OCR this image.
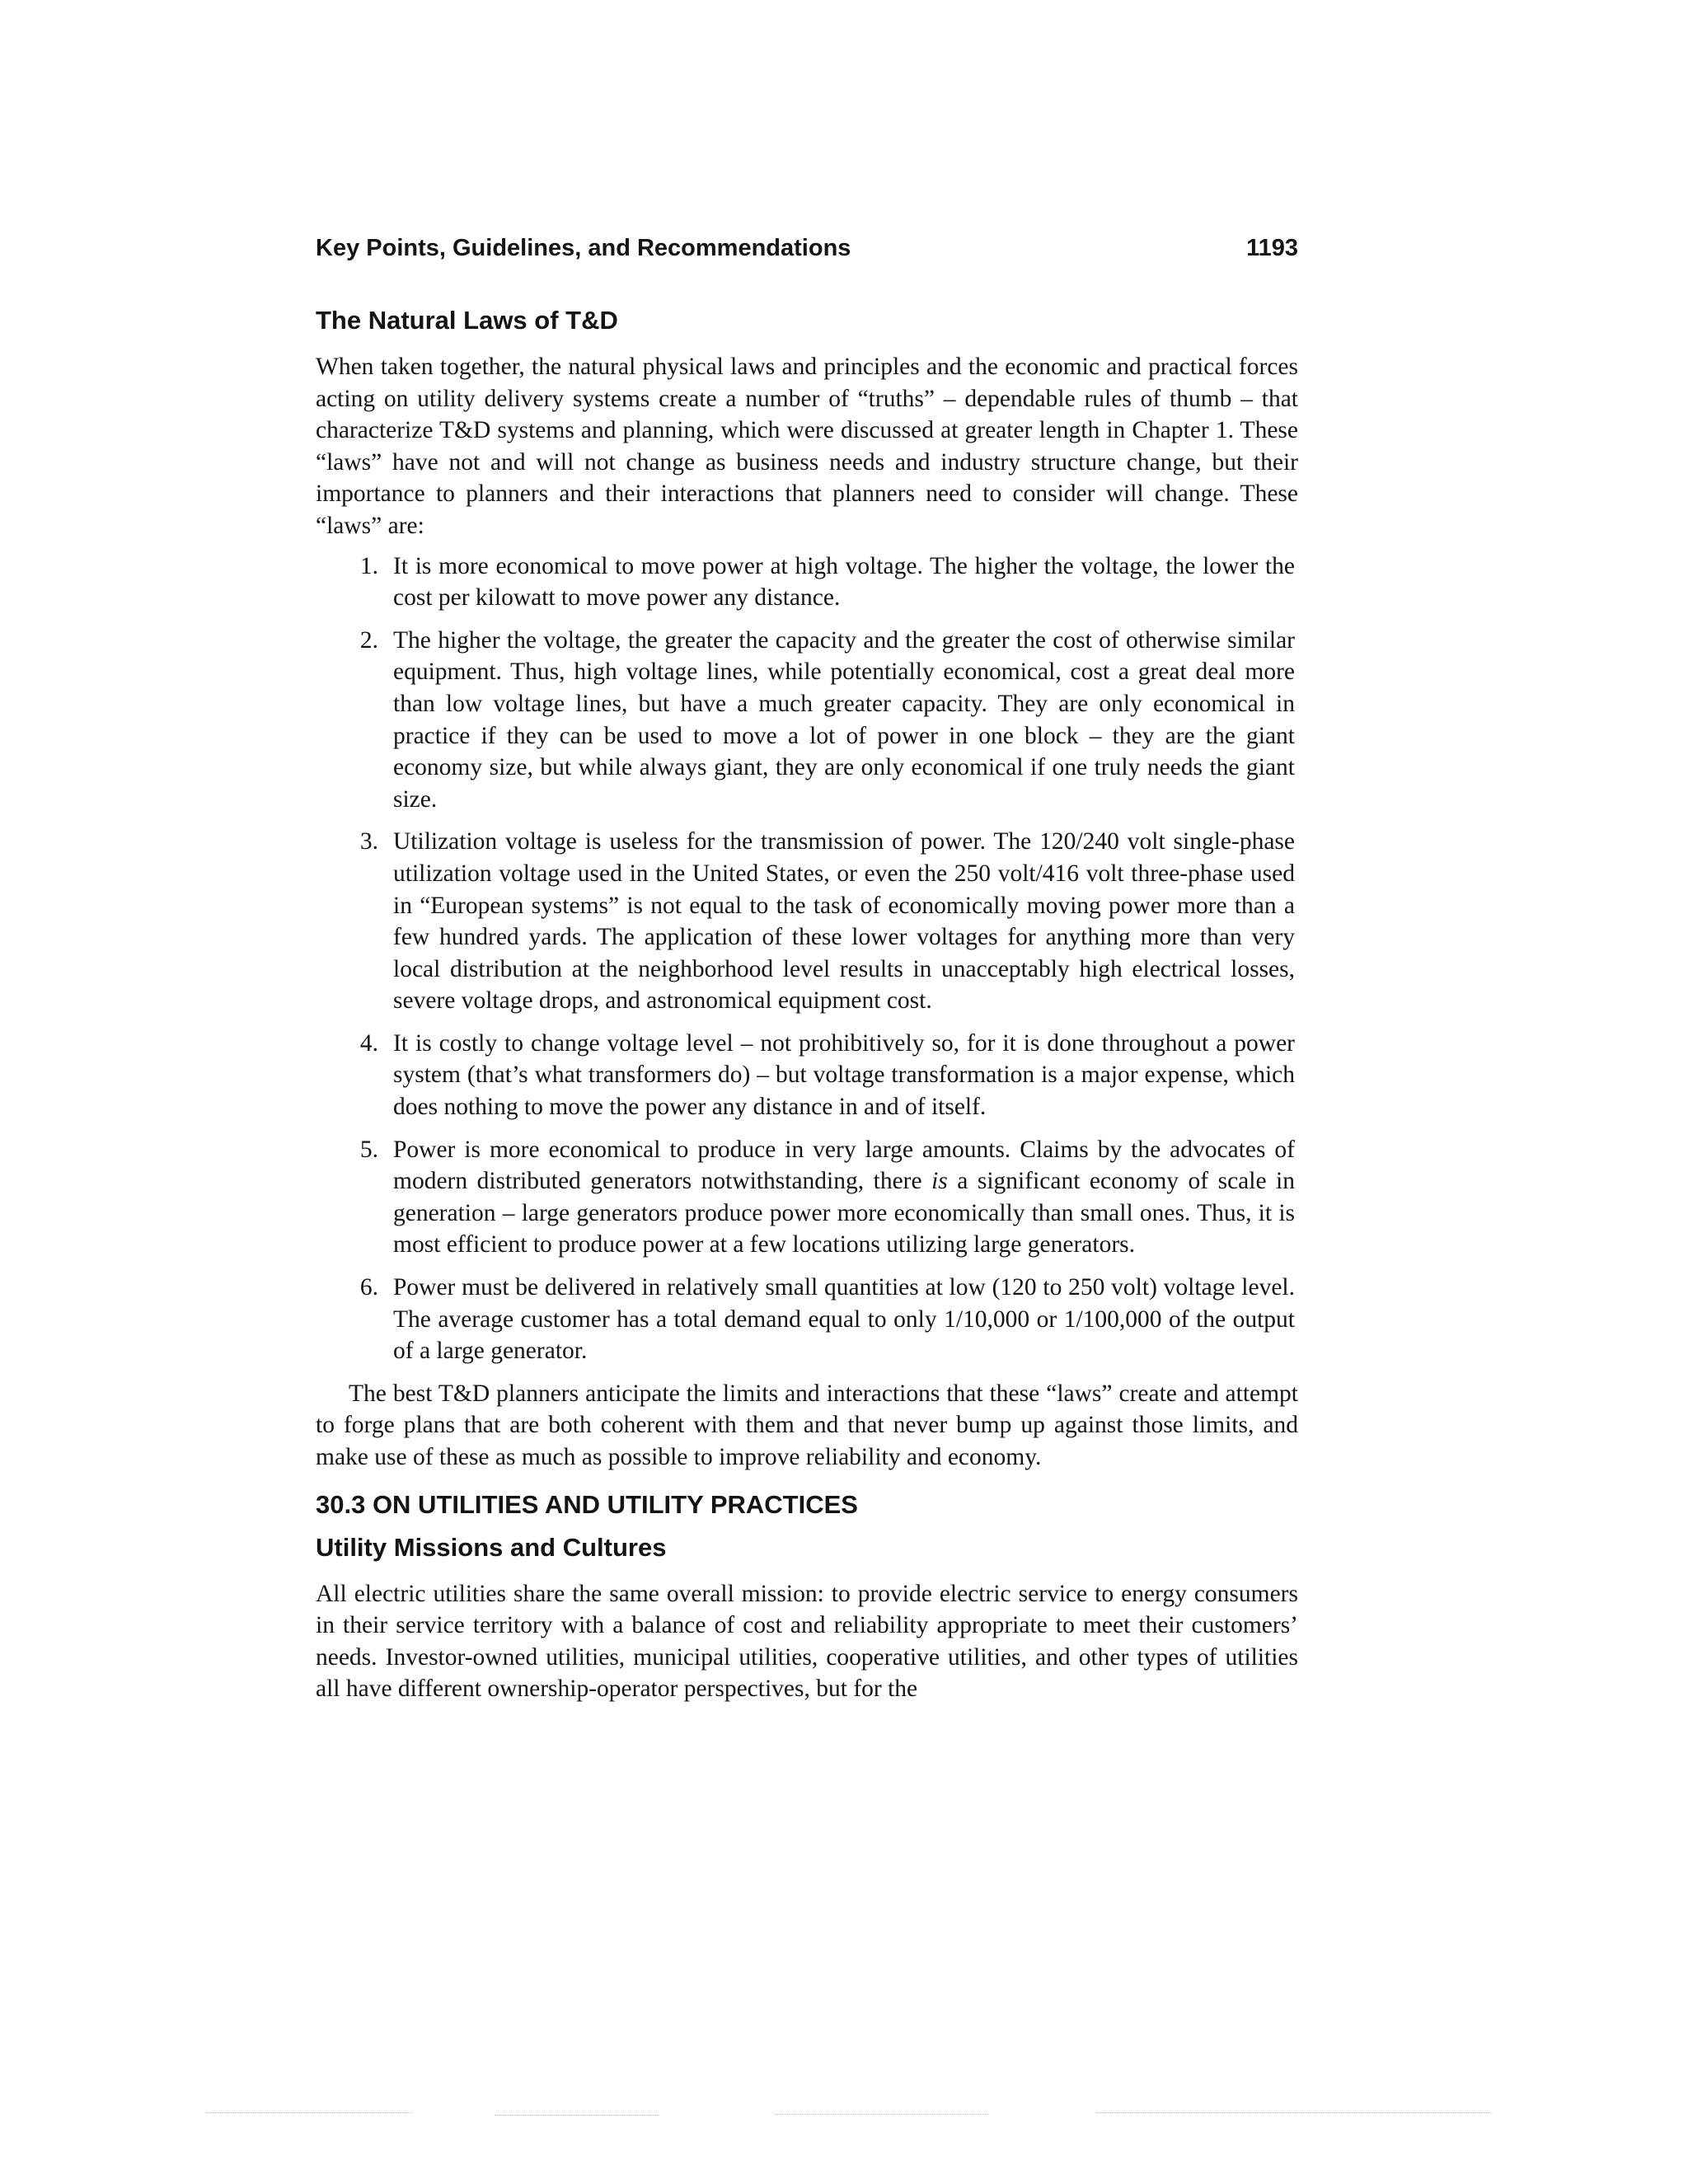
Key Points, Guidelines, and Recommendations	1193
The Natural Laws of T&D

When taken together, the natural physical laws and principles and the economic and practical forces acting on utility delivery systems create a number of “truths” – dependable rules of thumb – that characterize T&D systems and planning, which were discussed at greater length in Chapter 1. These “laws” have not and will not change as business needs and industry structure change, but their importance to planners and their interactions that planners need to consider will change. These “laws” are:

1. It is more economical to move power at high voltage. The higher the voltage, the lower the cost per kilowatt to move power any distance.

2. The higher the voltage, the greater the capacity and the greater the cost of otherwise similar equipment. Thus, high voltage lines, while potentially economical, cost a great deal more than low voltage lines, but have a much greater capacity. They are only economical in practice if they can be used to move a lot of power in one block – they are the giant economy size, but while always giant, they are only economical if one truly needs the giant size.

3. Utilization voltage is useless for the transmission of power. The 120/240 volt single-phase utilization voltage used in the United States, or even the 250 volt/416 volt three-phase used in “European systems” is not equal to the task of economically moving power more than a few hundred yards. The application of these lower voltages for anything more than very local distribution at the neighborhood level results in unacceptably high electrical losses, severe voltage drops, and astronomical equipment cost.

4. It is costly to change voltage level – not prohibitively so, for it is done throughout a power system (that’s what transformers do) – but voltage transformation is a major expense, which does nothing to move the power any distance in and of itself.

5. Power is more economical to produce in very large amounts. Claims by the advocates of modern distributed generators notwithstanding, there is a significant economy of scale in generation – large generators produce power more economically than small ones. Thus, it is most efficient to produce power at a few locations utilizing large generators.

6. Power must be delivered in relatively small quantities at low (120 to 250 volt) voltage level. The average customer has a total demand equal to only 1/10,000 or 1/100,000 of the output of a large generator.

The best T&D planners anticipate the limits and interactions that these “laws” create and attempt to forge plans that are both coherent with them and that never bump up against those limits, and make use of these as much as possible to improve reliability and economy.

30.3 ON UTILITIES AND UTILITY PRACTICES
Utility Missions and Cultures

All electric utilities share the same overall mission: to provide electric service to energy consumers in their service territory with a balance of cost and reliability appropriate to meet their customers’ needs. Investor-owned utilities, municipal utilities, cooperative utilities, and other types of utilities all have different ownership-operator perspectives, but for the
